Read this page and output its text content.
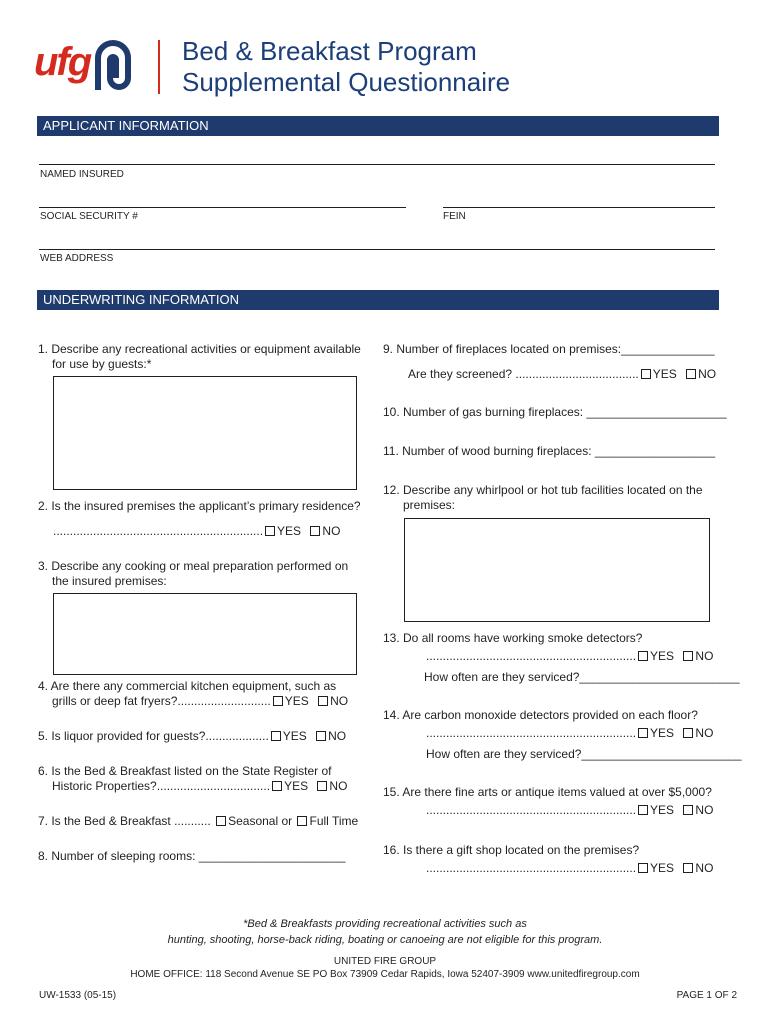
ufg	Bed & Breakfast Program
Supplemental Questionnaire
APPLICANT INFORMATION
NAMED INSURED
SOCIAL SECURITY #	FEIN
WEB ADDRESS
UNDERWRITING INFORMATION
1. Describe any recreational activities or equipment available
for use by guests:*
2. Is the insured premises the applicant’s primary residence?
............................................................... YES NO
3. Describe any cooking or meal preparation performed on
the insured premises:
4. Are there any commercial kitchen equipment, such as
grills or deep fat fryers?............................ YES NO
5. Is liquor provided for guests?................... YES NO
6. Is the Bed & Breakfast listed on the State Register of
Historic Properties?.................................. YES NO
7. Is the Bed & Breakfast ........... Seasonal or Full Time
8. Number of sleeping rooms: ______________________
9. Number of fireplaces located on premises:______________
Are they screened? ..................................... YES NO
10. Number of gas burning fireplaces: _____________________
11. Number of wood burning fireplaces: __________________
12. Describe any whirlpool or hot tub facilities located on the
premises:
13. Do all rooms have working smoke detectors?
............................................................... YES NO
How often are they serviced?________________________
14. Are carbon monoxide detectors provided on each floor?
............................................................... YES NO
How often are they serviced?________________________
15. Are there fine arts or antique items valued at over $5,000?
............................................................... YES NO
16. Is there a gift shop located on the premises?
............................................................... YES NO
*Bed & Breakfasts providing recreational activities such as
hunting, shooting, horse-back riding, boating or canoeing are not eligible for this program.
UNITED FIRE GROUP
HOME OFFICE: 118 Second Avenue SE PO Box 73909 Cedar Rapids, Iowa 52407-3909 www.unitedfiregroup.com
UW-1533 (05-15)	PAGE 1 OF 2
